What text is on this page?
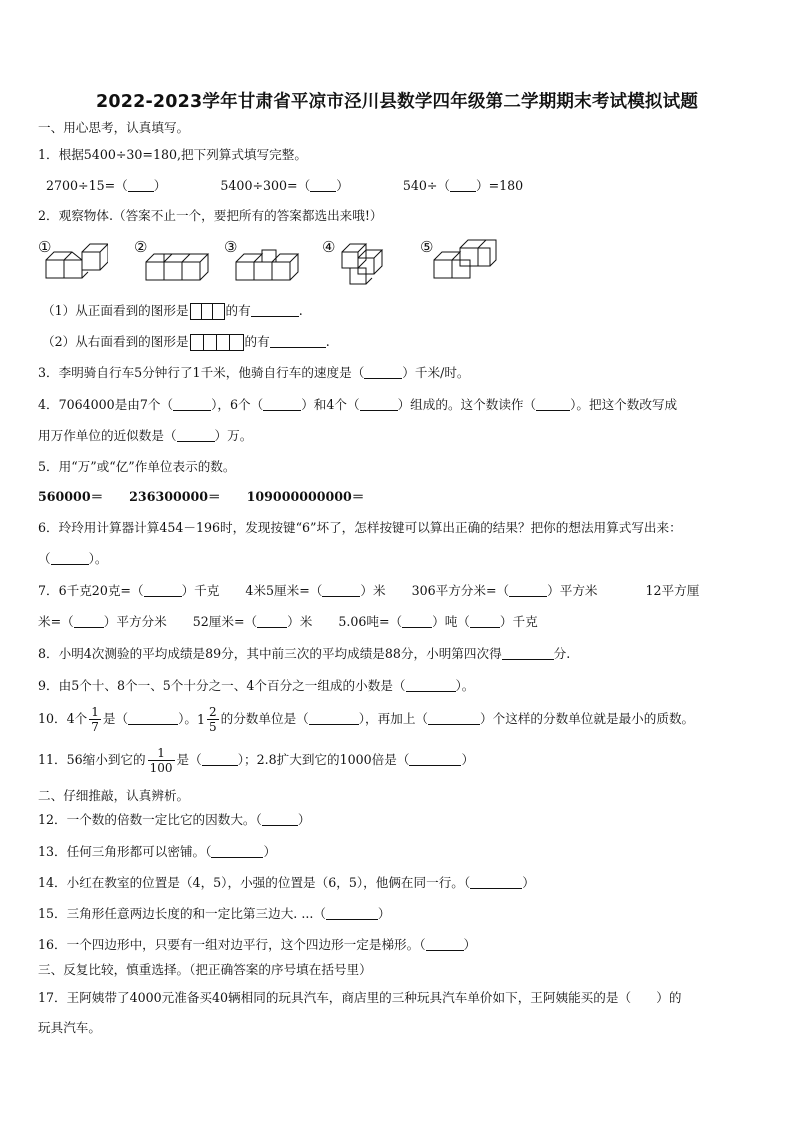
2022-2023学年甘肃省平凉市泾川县数学四年级第二学期期末考试模拟试题
一、用心思考，认真填写。
1．根据5400÷30=180,把下列算式填写完整。
2700÷15=（ ）	5400÷300=（ ）	540÷（ ）=180
2．观察物体.（答案不止一个，要把所有的答案都选出来哦!）
①	②	③	④	⑤
（1）从正面看到的图形是	的有	.
（2）从右面看到的图形是	的有	.
3．李明骑自行车5分钟行了1千米，他骑自行车的速度是（	）千米/时。
4．7064000是由7个（	），6个（	）和4个（	）组成的。这个数读作（	）。把这个数改写成
用万作单位的近似数是（	）万。
5．用“万”或“亿”作单位表示的数。
560000＝ 236300000＝ 109000000000＝
6．玲玲用计算器计算454－196时，发现按键“6”坏了，怎样按键可以算出正确的结果？把你的想法用算式写出来：
（	）。
7．6千克20克=（	）千克 4米5厘米=（	）米 306平方分米=（	）平方米	12平方厘
米=（ ）平方分米 52厘米=（ ）米 5.06吨=（ ）吨（ ）千克
8．小明4次测验的平均成绩是89分，其中前三次的平均成绩是88分，小明第四次得	分.
9．由5个十、8个一、5个十分之一、4个百分之一组成的小数是（	）。
10．4个 $\frac{1}{7}$ 是（	）。$1 \frac{2}{5}$ 的分数单位是（	），再加上（	）个这样的分数单位就是最小的质数。
11．56缩小到它的 $\frac{1}{100}$ 是（	）；2.8扩大到它的1000倍是（	）
二、仔细推敲，认真辨析。
12．一个数的倍数一定比它的因数大。（	）
13．任何三角形都可以密铺。（	）
14．小红在教室的位置是（4，5），小强的位置是（6，5），他俩在同一行。（	）
15．三角形任意两边长度的和一定比第三边大. ...（	）
16．一个四边形中，只要有一组对边平行，这个四边形一定是梯形。（	）
三、反复比较，慎重选择。（把正确答案的序号填在括号里）
17．王阿姨带了4000元准备买40辆相同的玩具汽车，商店里的三种玩具汽车单价如下，王阿姨能买的是（　　）的
玩具汽车。
